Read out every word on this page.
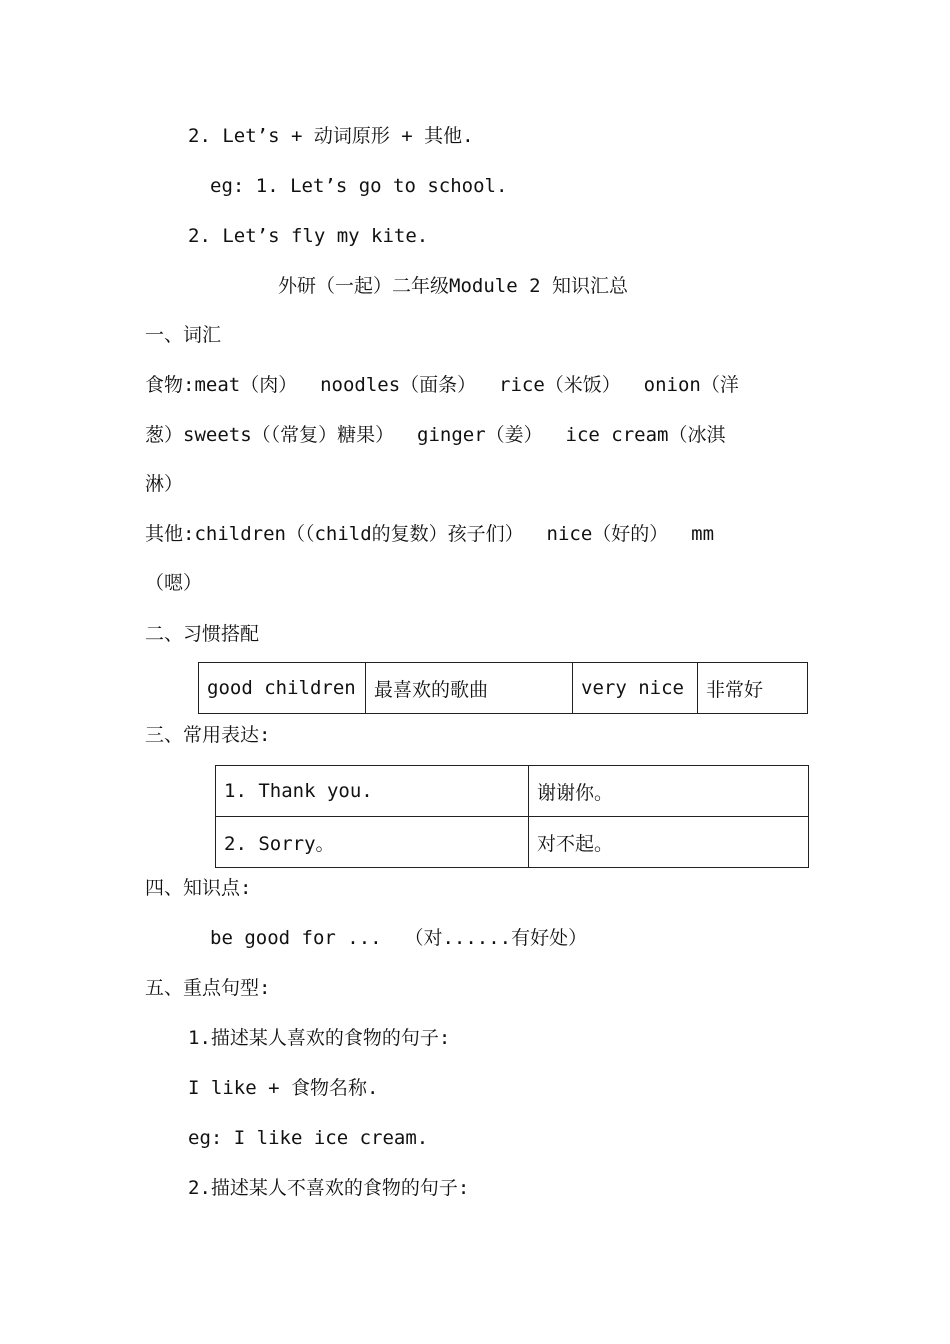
2. Let’s + 动词原形 + 其他.
eg: 1. Let’s go to school.
2. Let’s fly my kite.
外研（一起）二年级Module 2 知识汇总
一、词汇
食物:meat（肉）  noodles（面条）  rice（米饭）  onion（洋
葱）sweets（（常复）糖果）  ginger（姜）  ice cream（冰淇
淋）
其他:children（（child的复数）孩子们）  nice（好的）  mm
（嗯）
二、习惯搭配
good children	最喜欢的歌曲	very nice	非常好
三、常用表达:
1. Thank you.	谢谢你。
2. Sorry。	对不起。
四、知识点:
be good for ...  （对......有好处）
五、重点句型:
1.描述某人喜欢的食物的句子:
I like + 食物名称.
eg: I like ice cream.
2.描述某人不喜欢的食物的句子:
